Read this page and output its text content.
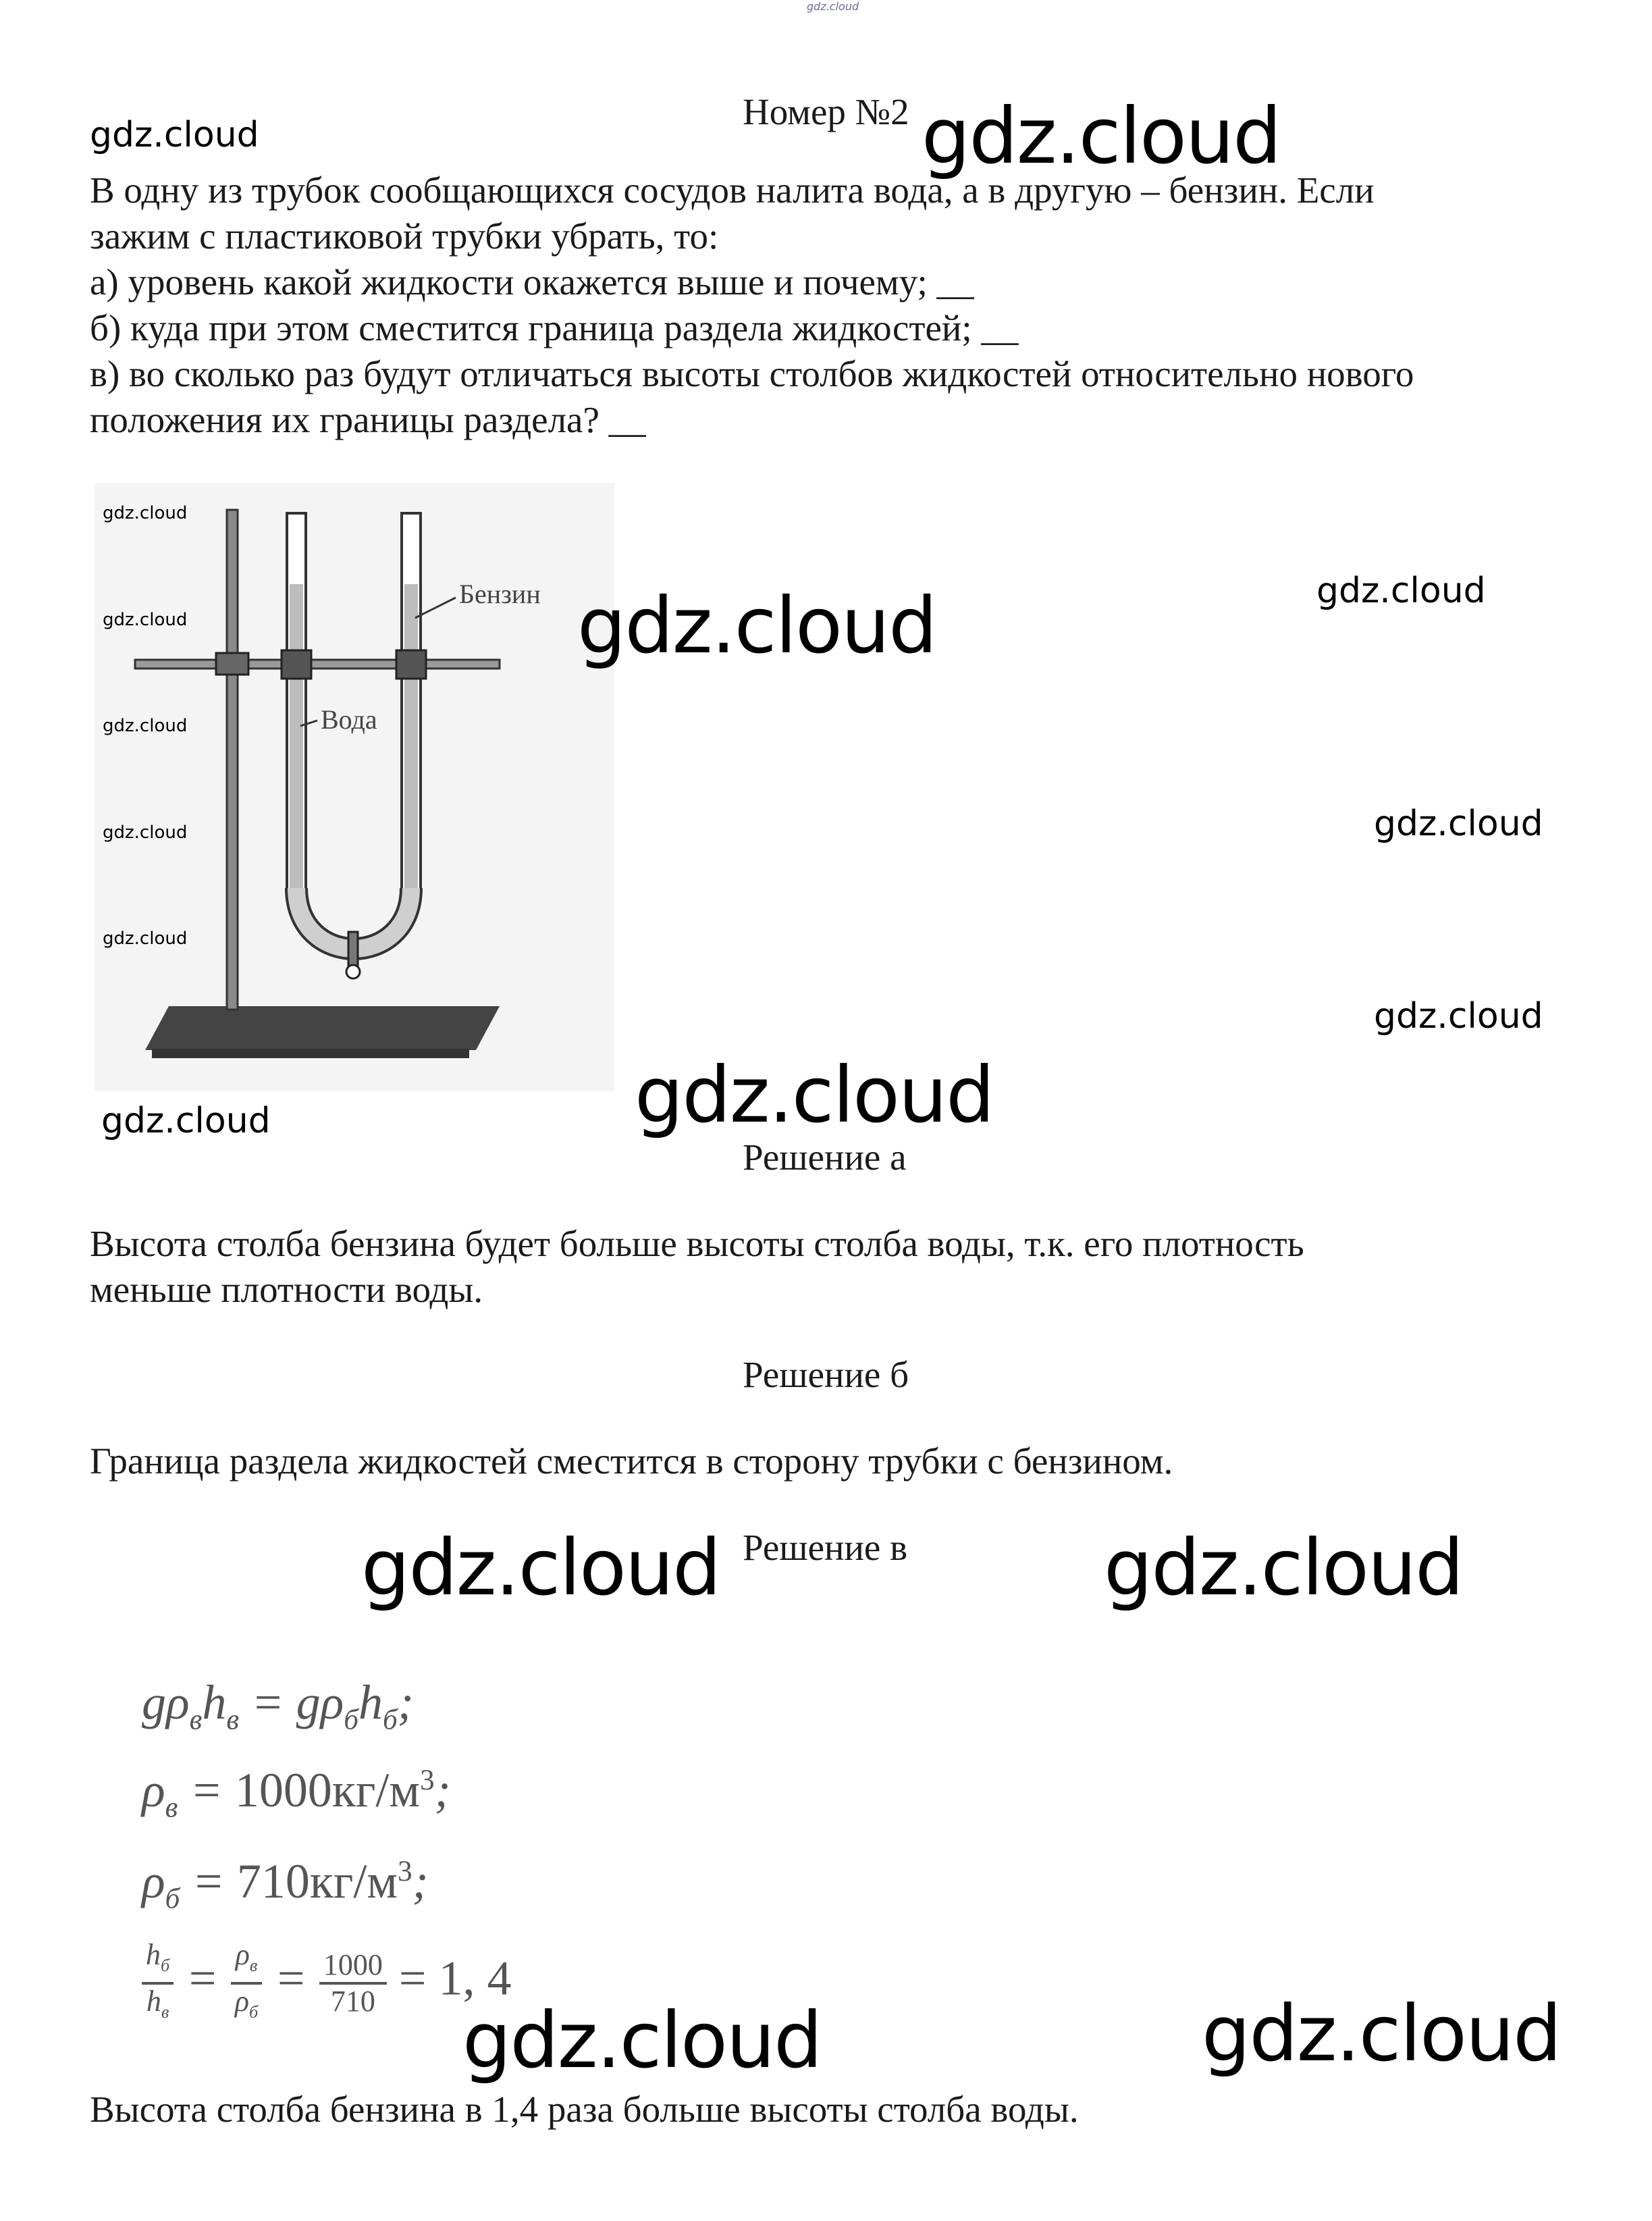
gdz.cloud
Номер №2
В одну из трубок сообщающихся сосудов налита вода, а в другую – бензин. Если
зажим с пластиковой трубки убрать, то:
а) уровень какой жидкости окажется выше и почему; __
б) куда при этом сместится граница раздела жидкостей; __
в) во сколько раз будут отличаться высоты столбов жидкостей относительно нового
положения их границы раздела? __
Бензин
Вода
gdz.cloud
gdz.cloud
gdz.cloud
gdz.cloud
gdz.cloud
Решение а
Высота столба бензина будет больше высоты столба воды, т.к. его плотность
меньше плотности воды.
Решение б
Граница раздела жидкостей сместится в сторону трубки с бензином.
Решение в
$g\rho_вh_в = g\rho_бh_б$;
$\rho_в = 1000кг/м^3$;
$\rho_б = 710кг/м^3$;
$\frac{h_б}{h_в} = \frac{\rho_в}{\rho_б} = \frac{1000}{710} = 1$, 4
Высота столба бензина в 1,4 раза больше высоты столба воды.
gdz.cloud
gdz.cloud
gdz.cloud
gdz.cloud
gdz.cloud
gdz.cloud
gdz.cloud
gdz.cloud
gdz.cloud	gdz.cloud
gdz.cloud	gdz.cloud
